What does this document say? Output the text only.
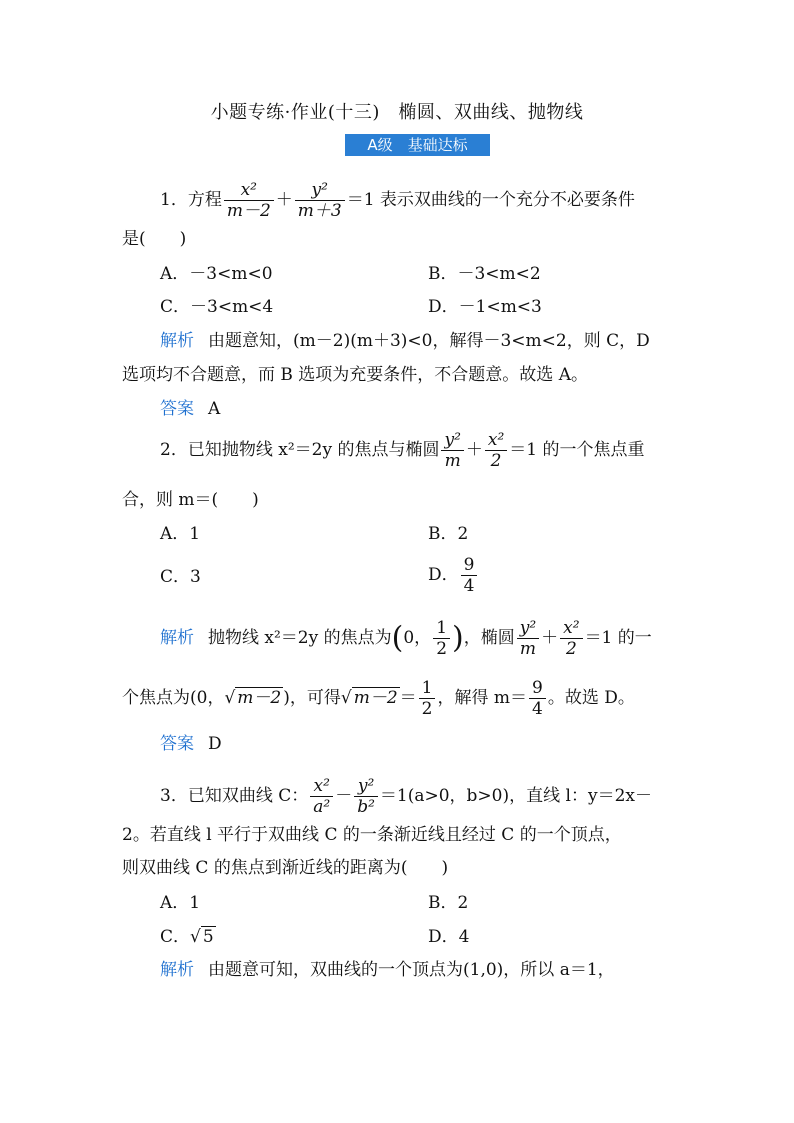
小题专练·作业(十三)　椭圆、双曲线、抛物线
A级　基础达标
1．方程 $\frac{\text{x²}}{m-2} + \frac{\text{y²}}{m+3} =1$ 表示双曲线的一个充分不必要条件
是(　　)
A．－3<m<0	B．－3<m<2
C．－3<m<4	D．－1<m<3
解析 由题意知，(m－2)(m＋3)<0，解得－3<m<2，则 C，D
选项均不合题意，而 B 选项为充要条件，不合题意。故选 A。
答案 A
2．已知抛物线 x²＝2y 的焦点与椭圆 $\frac{\text{y²}}{m} + \frac{\text{x²}}{2} =1$ 的一个焦点重
合，则 m＝(　　)
A．1	B．2
C．3	D． $\frac{9}{4}$
解析 抛物线 x²＝2y 的焦点为(0， $\frac{1}{2}$ )，椭圆 $\frac{\text{y²}}{m} + \frac{\text{x²}}{2} =1$ 的一
个焦点为(0，√ m－2 )，可得√ $m-2 = \frac{1}{2}$ ，解得 $m= \frac{9}{4}$ 。故选 D。
答案 D
3．已知双曲线 C： $\frac{\text{x²}}{\text{a²}} - \frac{\text{y²}}{\text{b²}} =1(a>0$，b>0)，直线 l：y＝2x－
2。若直线 l 平行于双曲线 C 的一条渐近线且经过 C 的一个顶点，
则双曲线 C 的焦点到渐近线的距离为(　　)
A．1	B．2
C．√ 5	D．4
解析 由题意可知，双曲线的一个顶点为(1,0)，所以 a＝1，
